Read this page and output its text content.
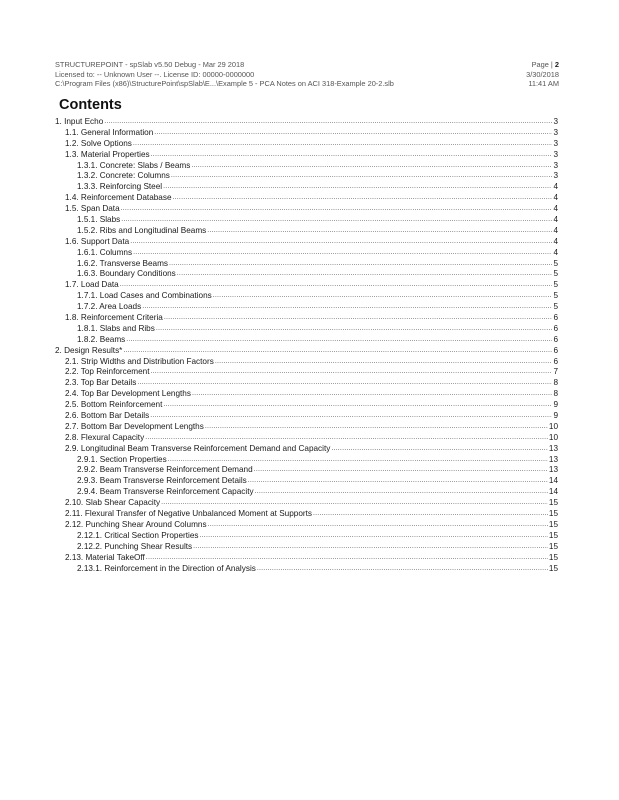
STRUCTUREPOINT - spSlab v5.50 Debug - Mar 29 2018
Licensed to: -- Unknown User --. License ID: 00000-0000000
C:\Program Files (x86)\StructurePoint\spSlab\E...\Example 5 - PCA Notes on ACI 318-Example 20-2.slb
Page | 2
3/30/2018
11:41 AM
Contents
1. Input Echo .....	3
1.1. General Information .....	3
1.2. Solve Options .....	3
1.3. Material Properties .....	3
1.3.1. Concrete: Slabs / Beams .....	3
1.3.2. Concrete: Columns .....	3
1.3.3. Reinforcing Steel .....	4
1.4. Reinforcement Database .....	4
1.5. Span Data .....	4
1.5.1. Slabs .....	4
1.5.2. Ribs and Longitudinal Beams .....	4
1.6. Support Data .....	4
1.6.1. Columns .....	4
1.6.2. Transverse Beams .....	5
1.6.3. Boundary Conditions .....	5
1.7. Load Data .....	5
1.7.1. Load Cases and Combinations .....	5
1.7.2. Area Loads .....	5
1.8. Reinforcement Criteria .....	6
1.8.1. Slabs and Ribs .....	6
1.8.2. Beams .....	6
2. Design Results* .....	6
2.1. Strip Widths and Distribution Factors .....	6
2.2. Top Reinforcement .....	7
2.3. Top Bar Details .....	8
2.4. Top Bar Development Lengths .....	8
2.5. Bottom Reinforcement .....	9
2.6. Bottom Bar Details .....	9
2.7. Bottom Bar Development Lengths .....	10
2.8. Flexural Capacity .....	10
2.9. Longitudinal Beam Transverse Reinforcement Demand and Capacity .....	13
2.9.1. Section Properties .....	13
2.9.2. Beam Transverse Reinforcement Demand .....	13
2.9.3. Beam Transverse Reinforcement Details .....	14
2.9.4. Beam Transverse Reinforcement Capacity .....	14
2.10. Slab Shear Capacity .....	15
2.11. Flexural Transfer of Negative Unbalanced Moment at Supports .....	15
2.12. Punching Shear Around Columns .....	15
2.12.1. Critical Section Properties .....	15
2.12.2. Punching Shear Results .....	15
2.13. Material TakeOff .....	15
2.13.1. Reinforcement in the Direction of Analysis .....	15
